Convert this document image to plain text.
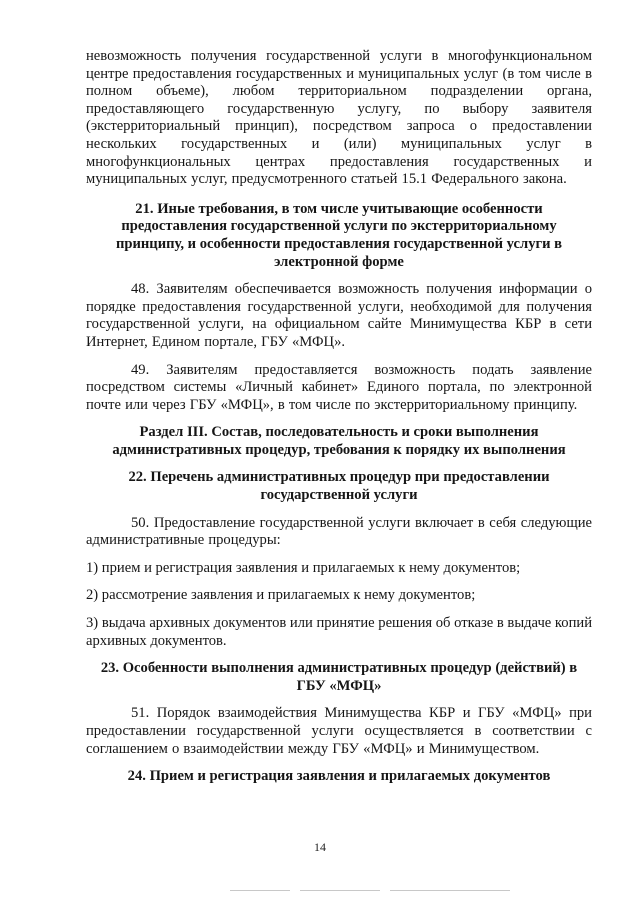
невозможность получения государственной услуги в многофункциональном центре предоставления государственных и муниципальных услуг (в том числе в полном объеме), любом территориальном подразделении органа, предоставляющего государственную услугу, по выбору заявителя (экстерриториальный принцип), посредством запроса о предоставлении нескольких государственных и (или) муниципальных услуг в многофункциональных центрах предоставления государственных и муниципальных услуг, предусмотренного статьей 15.1 Федерального закона.

21. Иные требования, в том числе учитывающие особенности предоставления государственной услуги по экстерриториальному принципу, и особенности предоставления государственной услуги в электронной форме

48. Заявителям обеспечивается возможность получения информации о порядке предоставления государственной услуги, необходимой для получения государственной услуги, на официальном сайте Минимущества КБР в сети Интернет, Едином портале, ГБУ «МФЦ».

49. Заявителям предоставляется возможность подать заявление посредством системы «Личный кабинет» Единого портала, по электронной почте или через ГБУ «МФЦ», в том числе по экстерриториальному принципу.

Раздел III. Состав, последовательность и сроки выполнения административных процедур, требования к порядку их выполнения
22. Перечень административных процедур при предоставлении государственной услуги

50. Предоставление государственной услуги включает в себя следующие административные процедуры:

1) прием и регистрация заявления и прилагаемых к нему документов;

2) рассмотрение заявления и прилагаемых к нему документов;

3) выдача архивных документов или принятие решения об отказе в выдаче копий архивных документов.

23. Особенности выполнения административных процедур (действий) в ГБУ «МФЦ»

51. Порядок взаимодействия Минимущества КБР и ГБУ «МФЦ» при предоставлении государственной услуги осуществляется в соответствии с соглашением о взаимодействии между ГБУ «МФЦ» и Минимуществом.

24. Прием и регистрация заявления и прилагаемых документов
14
